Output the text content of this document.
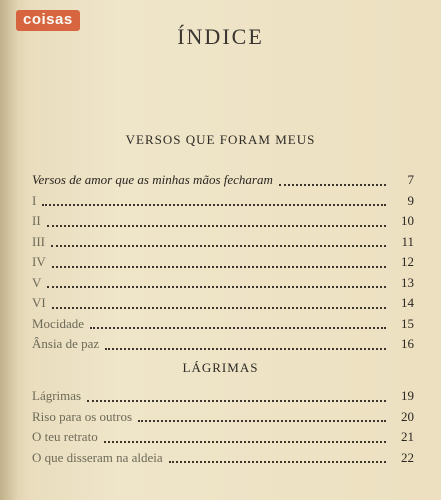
coisas
ÍNDICE
VERSOS QUE FORAM MEUS
LÁGRIMAS
Versos de amor que as minhas mãos fecharam	7
I	9
II	10
III	11
IV	12
V	13
VI	14
Mocidade	15
Ânsia de paz	16
Lágrimas	19
Riso para os outros	20
O teu retrato	21
O que disseram na aldeia	22
